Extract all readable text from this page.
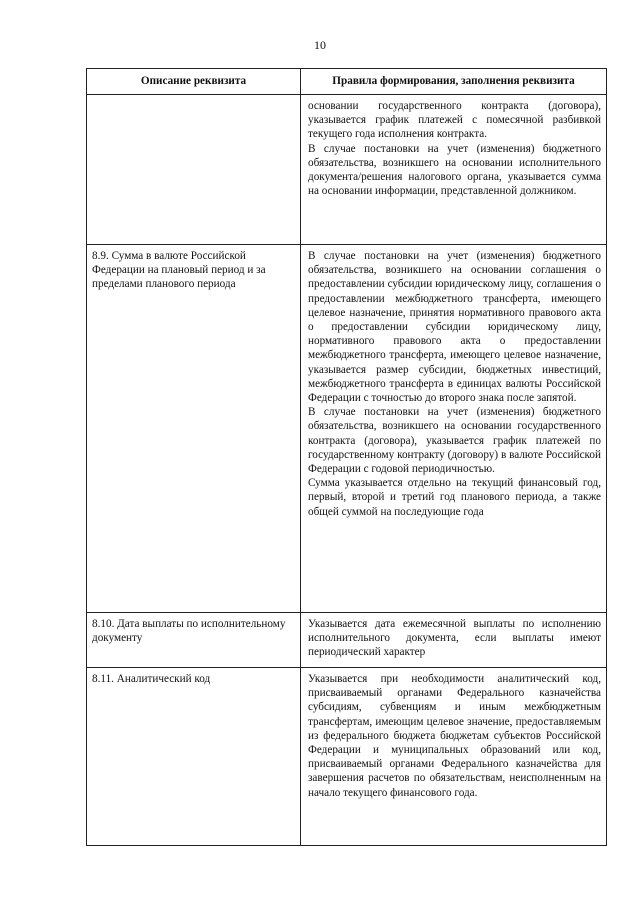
10
Описание реквизита	Правила формирования, заполнения реквизита

	основании государственного контракта (договора), указывается график платежей с помесячной разбивкой текущего года исполнения контракта.

В случае постановки на учет (изменения) бюджетного обязательства, возникшего на основании исполнительного документа/решения налогового органа, указывается сумма на основании информации, представленной должником.

8.9. Сумма в валюте Российской Федерации на плановый период и за пределами планового периода	В случае постановки на учет (изменения) бюджетного обязательства, возникшего на основании соглашения о предоставлении субсидии юридическому лицу, соглашения о предоставлении межбюджетного трансферта, имеющего целевое назначение, принятия нормативного правового акта о предоставлении субсидии юридическому лицу, нормативного правового акта о предоставлении межбюджетного трансферта, имеющего целевое назначение, указывается размер субсидии, бюджетных инвестиций, межбюджетного трансферта в единицах валюты Российской Федерации с точностью до второго знака после запятой.

В случае постановки на учет (изменения) бюджетного обязательства, возникшего на основании государственного контракта (договора), указывается график платежей по государственному контракту (договору) в валюте Российской Федерации с годовой периодичностью.

Сумма указывается отдельно на текущий финансовый год, первый, второй и третий год планового периода, а также общей суммой на последующие года

8.10. Дата выплаты по исполнительному документу	Указывается дата ежемесячной выплаты по исполнению исполнительного документа, если выплаты имеют периодический характер

8.11. Аналитический код	Указывается при необходимости аналитический код, присваиваемый органами Федерального казначейства субсидиям, субвенциям и иным межбюджетным трансфертам, имеющим целевое значение, предоставляемым из федерального бюджета бюджетам субъектов Российской Федерации и муниципальных образований или код, присваиваемый органами Федерального казначейства для завершения расчетов по обязательствам, неисполненным на начало текущего финансового года.
